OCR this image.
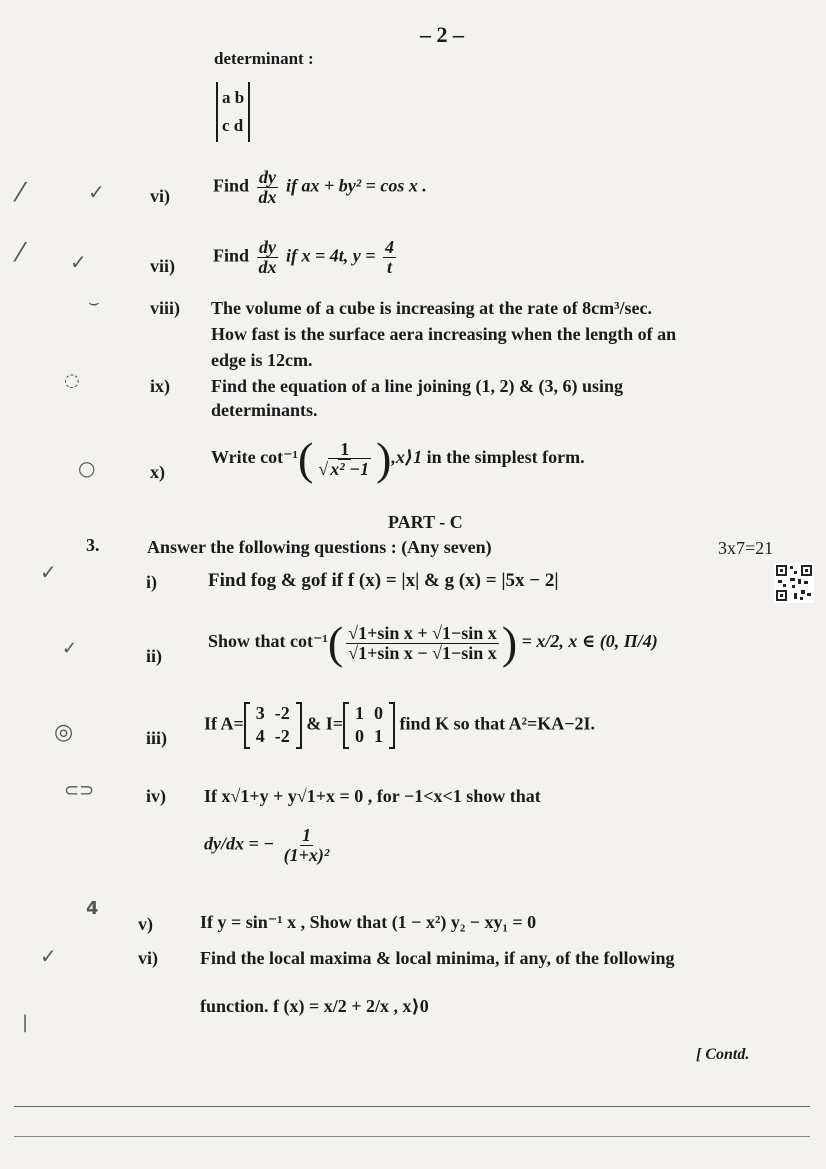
– 2 –
determinant :
a b
c d
⁄	✓
⁄ ✓
⌣
◌
○
vi)
Find $\frac{dy}{dx}$ if ax + by² = cos x .
vii)
Find $\frac{dy}{dx}$ if x = 4t, $y = \frac{4}{t}$
viii) The volume of a cube is increasing at the rate of 8cm³/sec.
How fast is the surface aera increasing when the length of an
edge is 12cm.
ix) Find the equation of a line joining (1, 2) & (3, 6) using
determinants.
x)
Write $\cot^{-1}( \frac{1}{\text{√ x² −1}}$ ),x⟩1 in the simplest form.
PART - C
3.	Answer the following questions : (Any seven)	3x7=21
✓
✓
◎
⊂⊃
4
✓
|
i)	Find fog & gof if f (x) = |x| & g (x) = |5x − 2|
ii)
Show that $\cot^{-1}( \frac{\text{√1+sin x + √1−sin x}}{\text{√1+sin x − √1−sin x}}$ ) = x/2, x ∈ (0, Π/4)
iii)
If A=
3	-2
4	-2
& I=
1	0
0	1
find K so that A²=KA−2I.
iv) If x√1+y + y√1+x = 0 , for −1<x<1 show that
dy/dx = − $\frac{1}{\text{(1+x)²}}$
v)	If y = sin⁻¹ x , Show that (1 − x²) y₂ − xy₁ = 0
vi) Find the local maxima & local minima, if any, of the following
function. f (x) = x/2 + 2/x , x⟩0
[ Contd.
